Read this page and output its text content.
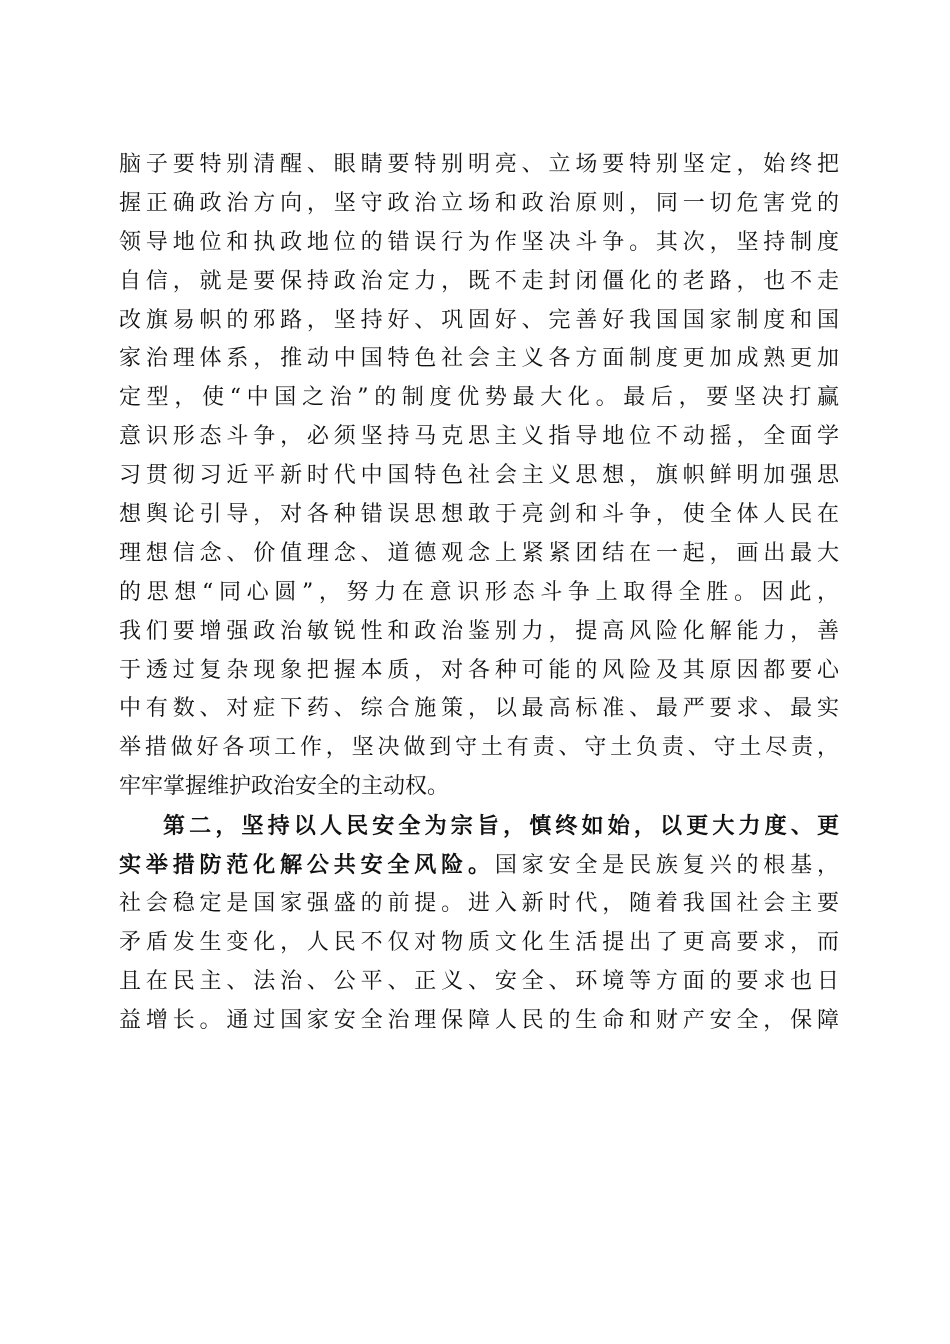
脑子要特别清醒、眼睛要特别明亮、立场要特别坚定，始终把
握正确政治方向，坚守政治立场和政治原则，同一切危害党的
领导地位和执政地位的错误行为作坚决斗争。其次，坚持制度
自信，就是要保持政治定力，既不走封闭僵化的老路，也不走
改旗易帜的邪路，坚持好、巩固好、完善好我国国家制度和国
家治理体系，推动中国特色社会主义各方面制度更加成熟更加
定型，使“中国之治”的制度优势最大化。最后，要坚决打赢
意识形态斗争，必须坚持马克思主义指导地位不动摇，全面学
习贯彻习近平新时代中国特色社会主义思想，旗帜鲜明加强思
想舆论引导，对各种错误思想敢于亮剑和斗争，使全体人民在
理想信念、价值理念、道德观念上紧紧团结在一起，画出最大
的思想“同心圆”，努力在意识形态斗争上取得全胜。因此，
我们要增强政治敏锐性和政治鉴别力，提高风险化解能力，善
于透过复杂现象把握本质，对各种可能的风险及其原因都要心
中有数、对症下药、综合施策，以最高标准、最严要求、最实
举措做好各项工作，坚决做到守土有责、守土负责、守土尽责，
牢牢掌握维护政治安全的主动权。
第二，坚持以人民安全为宗旨，慎终如始，以更大力度、更
实举措防范化解公共安全风险。国家安全是民族复兴的根基，
社会稳定是国家强盛的前提。进入新时代，随着我国社会主要
矛盾发生变化，人民不仅对物质文化生活提出了更高要求，而
且在民主、法治、公平、正义、安全、环境等方面的要求也日
益增长。通过国家安全治理保障人民的生命和财产安全，保障
